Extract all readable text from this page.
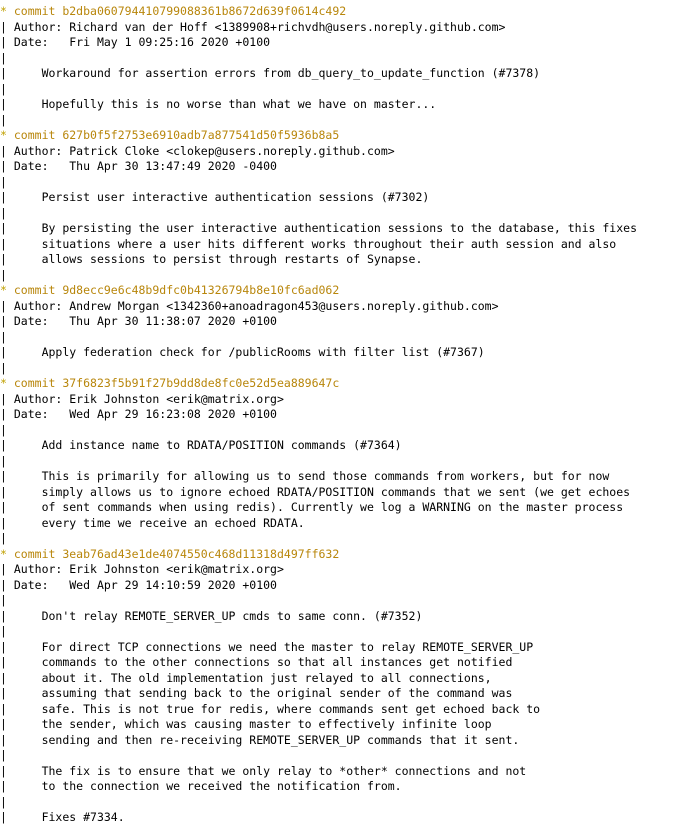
* commit b2dba060794410799088361b8672d639f0614c492
| Author: Richard van der Hoff <1389908+richvdh@users.noreply.github.com>
| Date:   Fri May 1 09:25:16 2020 +0100
|
|     Workaround for assertion errors from db_query_to_update_function (#7378)
|
|     Hopefully this is no worse than what we have on master...
|
* commit 627b0f5f2753e6910adb7a877541d50f5936b8a5
| Author: Patrick Cloke <clokep@users.noreply.github.com>
| Date:   Thu Apr 30 13:47:49 2020 -0400
|
|     Persist user interactive authentication sessions (#7302)
|
|     By persisting the user interactive authentication sessions to the database, this fixes
|     situations where a user hits different works throughout their auth session and also
|     allows sessions to persist through restarts of Synapse.
|
* commit 9d8ecc9e6c48b9dfc0b41326794b8e10fc6ad062
| Author: Andrew Morgan <1342360+anoadragon453@users.noreply.github.com>
| Date:   Thu Apr 30 11:38:07 2020 +0100
|
|     Apply federation check for /publicRooms with filter list (#7367)
|
* commit 37f6823f5b91f27b9dd8de8fc0e52d5ea889647c
| Author: Erik Johnston <erik@matrix.org>
| Date:   Wed Apr 29 16:23:08 2020 +0100
|
|     Add instance name to RDATA/POSITION commands (#7364)
|
|     This is primarily for allowing us to send those commands from workers, but for now
|     simply allows us to ignore echoed RDATA/POSITION commands that we sent (we get echoes
|     of sent commands when using redis). Currently we log a WARNING on the master process
|     every time we receive an echoed RDATA.
|
* commit 3eab76ad43e1de4074550c468d11318d497ff632
| Author: Erik Johnston <erik@matrix.org>
| Date:   Wed Apr 29 14:10:59 2020 +0100
|
|     Don't relay REMOTE_SERVER_UP cmds to same conn. (#7352)
|
|     For direct TCP connections we need the master to relay REMOTE_SERVER_UP
|     commands to the other connections so that all instances get notified
|     about it. The old implementation just relayed to all connections,
|     assuming that sending back to the original sender of the command was
|     safe. This is not true for redis, where commands sent get echoed back to
|     the sender, which was causing master to effectively infinite loop
|     sending and then re-receiving REMOTE_SERVER_UP commands that it sent.
|
|     The fix is to ensure that we only relay to *other* connections and not
|     to the connection we received the notification from.
|
|     Fixes #7334.
